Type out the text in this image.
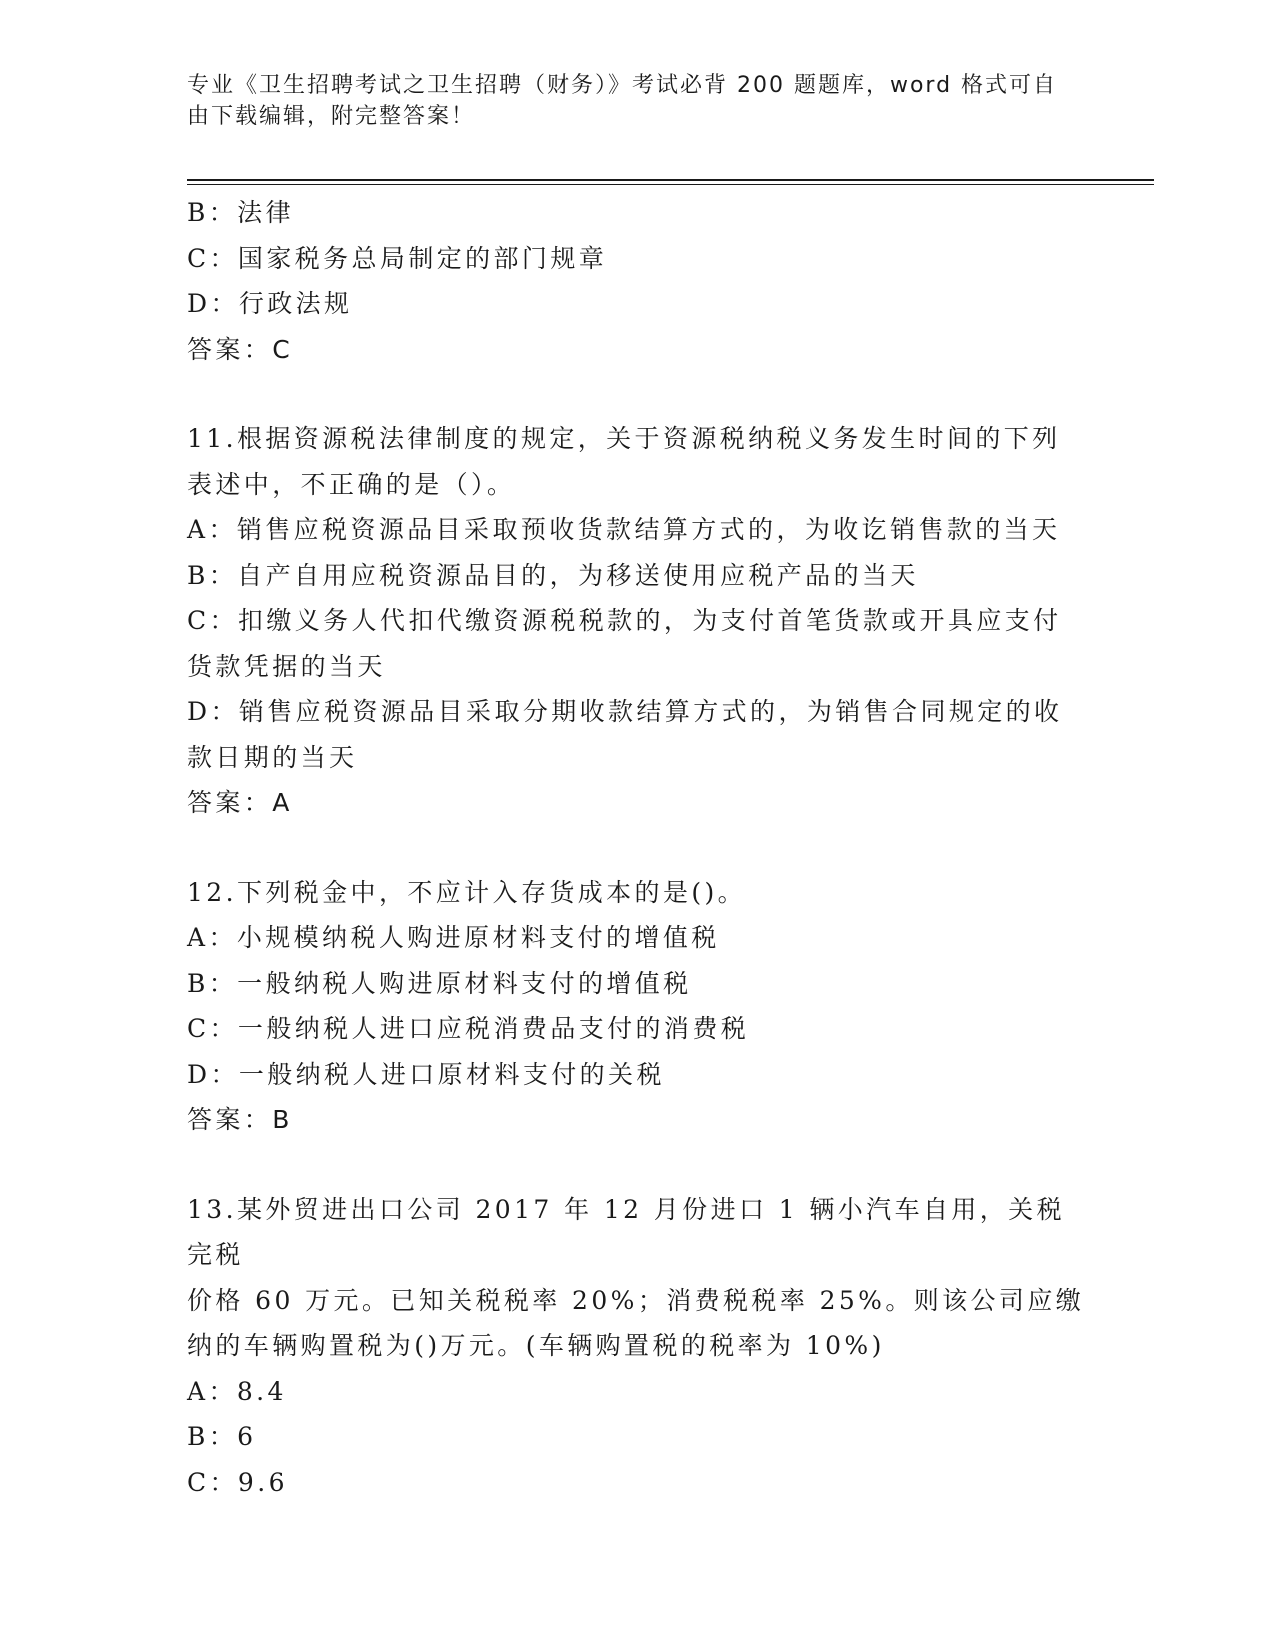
专业《卫生招聘考试之卫生招聘（财务）》考试必背 200 题题库，word 格式可自
由下载编辑，附完整答案！

B：法律

C：国家税务总局制定的部门规章

D：行政法规

答案：C

11.根据资源税法律制度的规定，关于资源税纳税义务发生时间的下列

表述中，不正确的是（）。

A：销售应税资源品目采取预收货款结算方式的，为收讫销售款的当天

B：自产自用应税资源品目的，为移送使用应税产品的当天

C：扣缴义务人代扣代缴资源税税款的，为支付首笔货款或开具应支付

货款凭据的当天

D：销售应税资源品目采取分期收款结算方式的，为销售合同规定的收

款日期的当天

答案：A

12.下列税金中，不应计入存货成本的是()。

A：小规模纳税人购进原材料支付的增值税

B：一般纳税人购进原材料支付的增值税

C：一般纳税人进口应税消费品支付的消费税

D：一般纳税人进口原材料支付的关税

答案：B

13.某外贸进出口公司 2017 年 12 月份进口 1 辆小汽车自用，关税完税

价格 60 万元。已知关税税率 20%；消费税税率 25%。则该公司应缴

纳的车辆购置税为()万元。(车辆购置税的税率为 10%)

A：8.4

B：6

C：9.6
